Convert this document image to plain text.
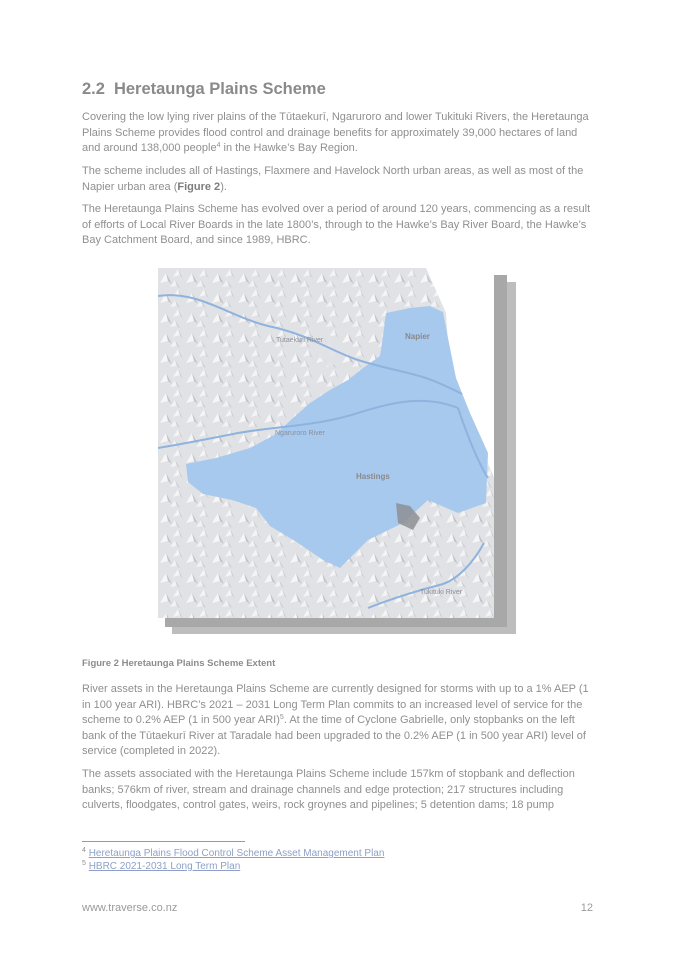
2.2 Heretaunga Plains Scheme

Covering the low lying river plains of the Tūtaekurī, Ngaruroro and lower Tukituki Rivers, the Heretaunga Plains Scheme provides flood control and drainage benefits for approximately 39,000 hectares of land and around 138,000 people$^4$ in the Hawke’s Bay Region.

The scheme includes all of Hastings, Flaxmere and Havelock North urban areas, as well as most of the Napier urban area (Figure 2).

The Heretaunga Plains Scheme has evolved over a period of around 120 years, commencing as a result of efforts of Local River Boards in the late 1800’s, through to the Hawke’s Bay River Board, the Hawke’s Bay Catchment Board, and since 1989, HBRC.

Tutaekuri River	Napier
Ngaruroro River
Hastings
Tukituki River

Figure 2 Heretaunga Plains Scheme Extent

River assets in the Heretaunga Plains Scheme are currently designed for storms with up to a 1% AEP (1 in 100 year ARI). HBRC’s 2021 – 2031 Long Term Plan commits to an increased level of service for the scheme to 0.2% AEP (1 in 500 year ARI)$^5$. At the time of Cyclone Gabrielle, only stopbanks on the left bank of the Tūtaekurī River at Taradale had been upgraded to the 0.2% AEP (1 in 500 year ARI) level of service (completed in 2022).

The assets associated with the Heretaunga Plains Scheme include 157km of stopbank and deflection banks; 576km of river, stream and drainage channels and edge protection; 217 structures including culverts, floodgates, control gates, weirs, rock groynes and pipelines; 5 detention dams; 18 pump

$^4$ Heretaunga Plains Flood Control Scheme Asset Management Plan

$^5$ HBRC 2021-2031 Long Term Plan

www.traverse.co.nz	12
